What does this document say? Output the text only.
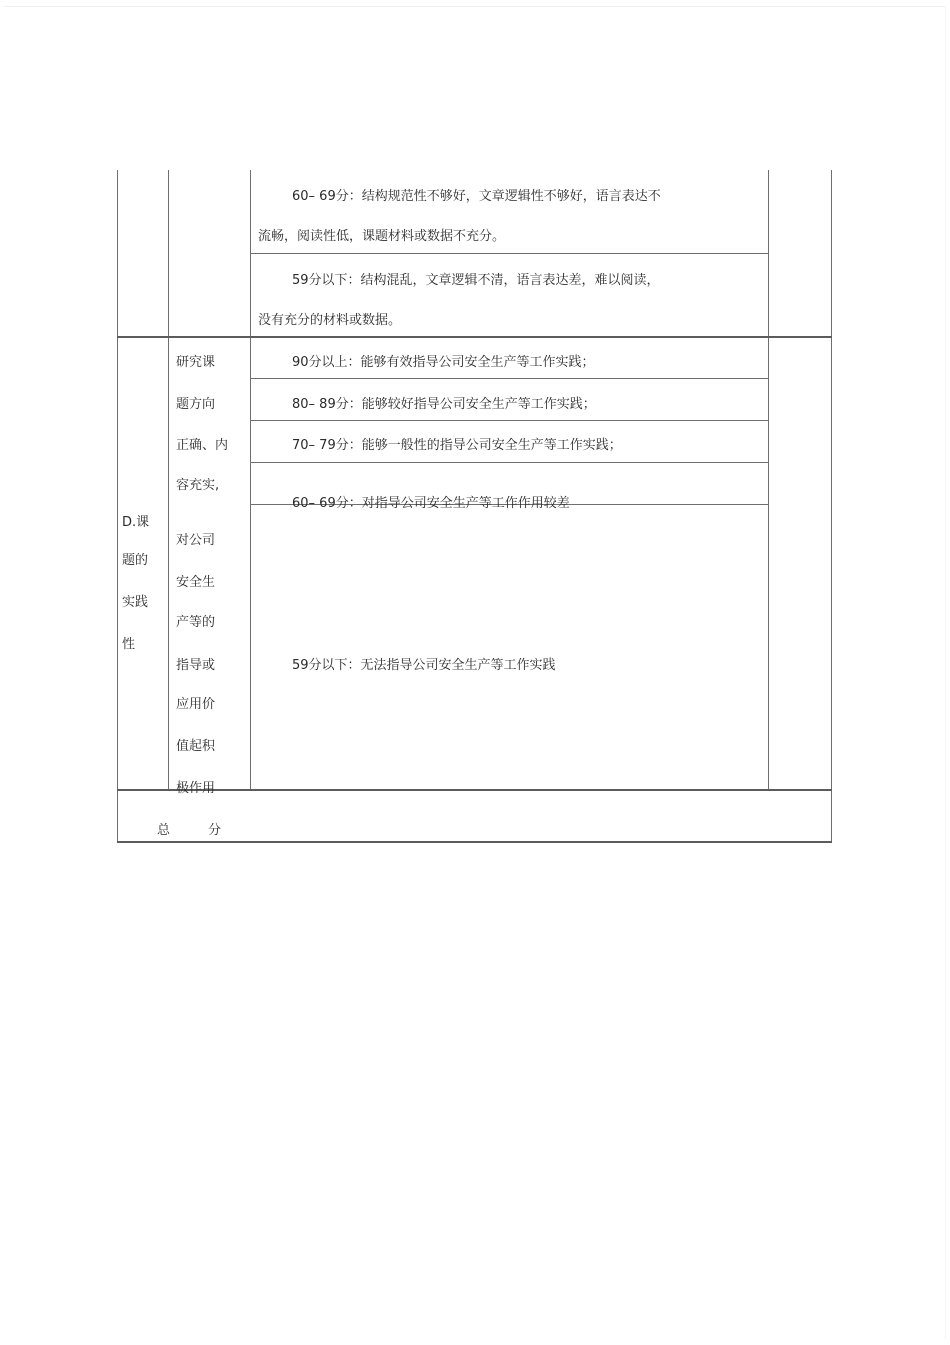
60– 69分：结构规范性不够好，文章逻辑性不够好，语言表达不
流畅，阅读性低，课题材料或数据不充分。
59分以下：结构混乱，文章逻辑不清，语言表达差，难以阅读，
没有充分的材料或数据。
D.课
题的
实践
性
研究课
题方向
正确、内
容充实,
对公司
安全生
产等的
指导或
应用价
值起积
极作用
90分以上：能够有效指导公司安全生产等工作实践；
80– 89分：能够较好指导公司安全生产等工作实践；
70– 79分：能够一般性的指导公司安全生产等工作实践；
60– 69分：对指导公司安全生产等工作作用较差
59分以下：无法指导公司安全生产等工作实践
总	分
